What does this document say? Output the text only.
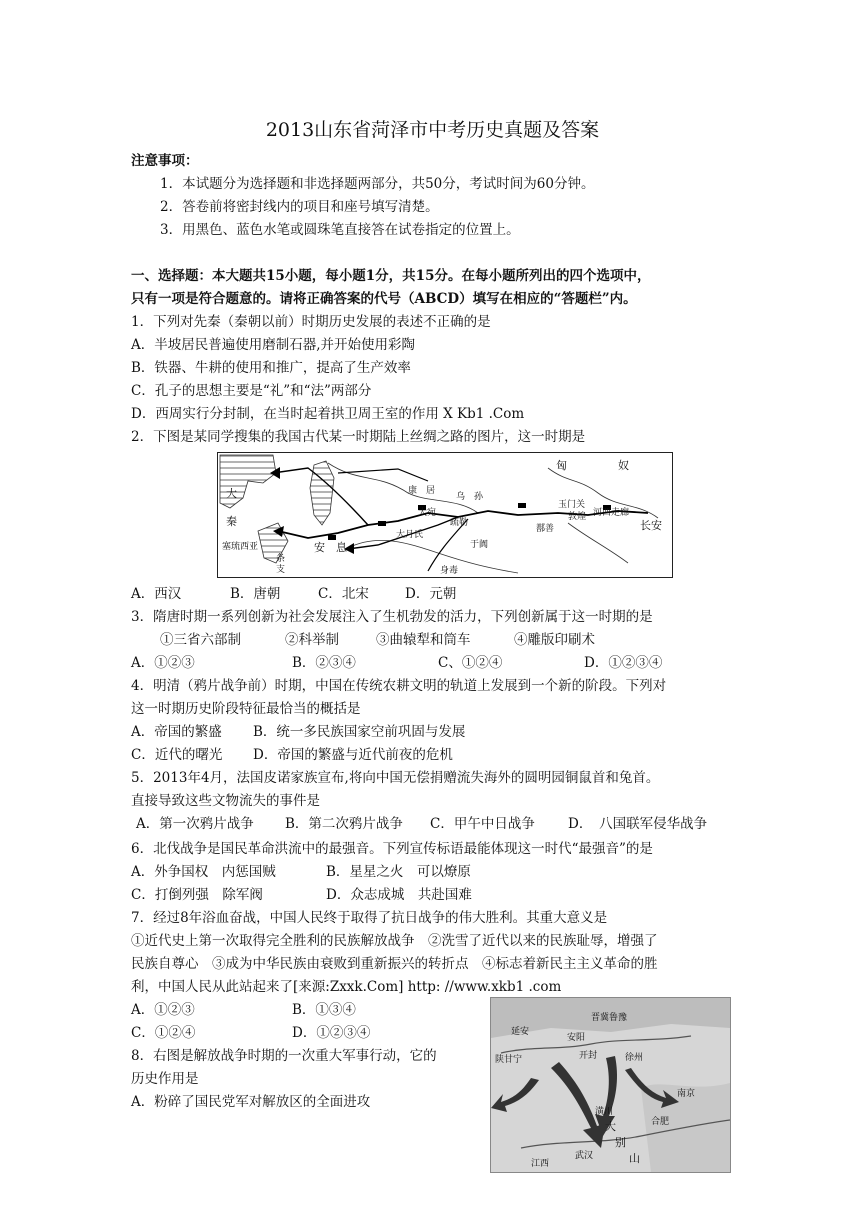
2013山东省菏泽市中考历史真题及答案
注意事项：
1．本试题分为选择题和非选择题两部分，共50分，考试时间为60分钟。
2．答卷前将密封线内的项目和座号填写清楚。
3．用黑色、蓝色水笔或圆珠笔直接答在试卷指定的位置上。
一、选择题：本大题共15小题，每小题1分，共15分。在每小题所列出的四个选项中，
只有一项是符合题意的。请将正确答案的代号（ABCD）填写在相应的“答题栏”内。
1．下列对先秦（秦朝以前）时期历史发展的表述不正确的是
A．半坡居民普遍使用磨制石器,并开始使用彩陶
B．铁器、牛耕的使用和推广，提高了生产效率
C．孔子的思想主要是“礼”和“法”两部分
D．西周实行分封制，在当时起着拱卫周王室的作用 X Kb1 .Com
2．下图是某同学搜集的我国古代某一时期陆上丝绸之路的图片，这一时期是
匈	奴
大
秦
康　居
乌　孙
大宛
疏勒
大月氏
安　息
鄯善
玉门关
敦煌 河西走廊
长安
塞琉西亚
条
支
于阗
身毒
A．西汉	B．唐朝	C．北宋	D．元朝
3．隋唐时期一系列创新为社会发展注入了生机勃发的活力，下列创新属于这一时期的是
①三省六部制	②科举制	③曲辕犁和筒车	④雕版印刷术
A．①②③	B．②③④	C、①②④	D．①②③④
4．明清（鸦片战争前）时期，中国在传统农耕文明的轨道上发展到一个新的阶段。下列对
这一时期历史阶段特征最恰当的概括是
A．帝国的繁盛 B．统一多民族国家空前巩固与发展
C．近代的曙光 D．帝国的繁盛与近代前夜的危机
5．2013年4月，法国皮诺家族宣布,将向中国无偿捐赠流失海外的圆明园铜鼠首和兔首。
直接导致这些文物流失的事件是
A．第一次鸦片战争 B．第二次鸦片战争 C．甲午中日战争 D．　八国联军侵华战争
6．北伐战争是国民革命洪流中的最强音。下列宣传标语最能体现这一时代“最强音”的是
A．外争国权　内惩国贼	B．星星之火　可以燎原
C．打倒列强　除军阀	D．众志成城　共赴国难
7．经过8年浴血奋战，中国人民终于取得了抗日战争的伟大胜利。其重大意义是
①近代史上第一次取得完全胜利的民族解放战争　②洗雪了近代以来的民族耻辱，增强了
民族自尊心　③成为中华民族由衰败到重新振兴的转折点　④标志着新民主主义革命的胜
利，中国人民从此站起来了[来源:Zxxk.Com] http: //www.xkb1 .com
A．①②③	B．①③④
C．①②④	D．①②③④
8．右图是解放战争时期的一次重大军事行动，它的
历史作用是
A．粉碎了国民党军对解放区的全面进攻
晋冀鲁豫
安阳
陕甘宁	开封	徐州
南京
延安
大
别
山
合肥
潢川
江西
武汉
